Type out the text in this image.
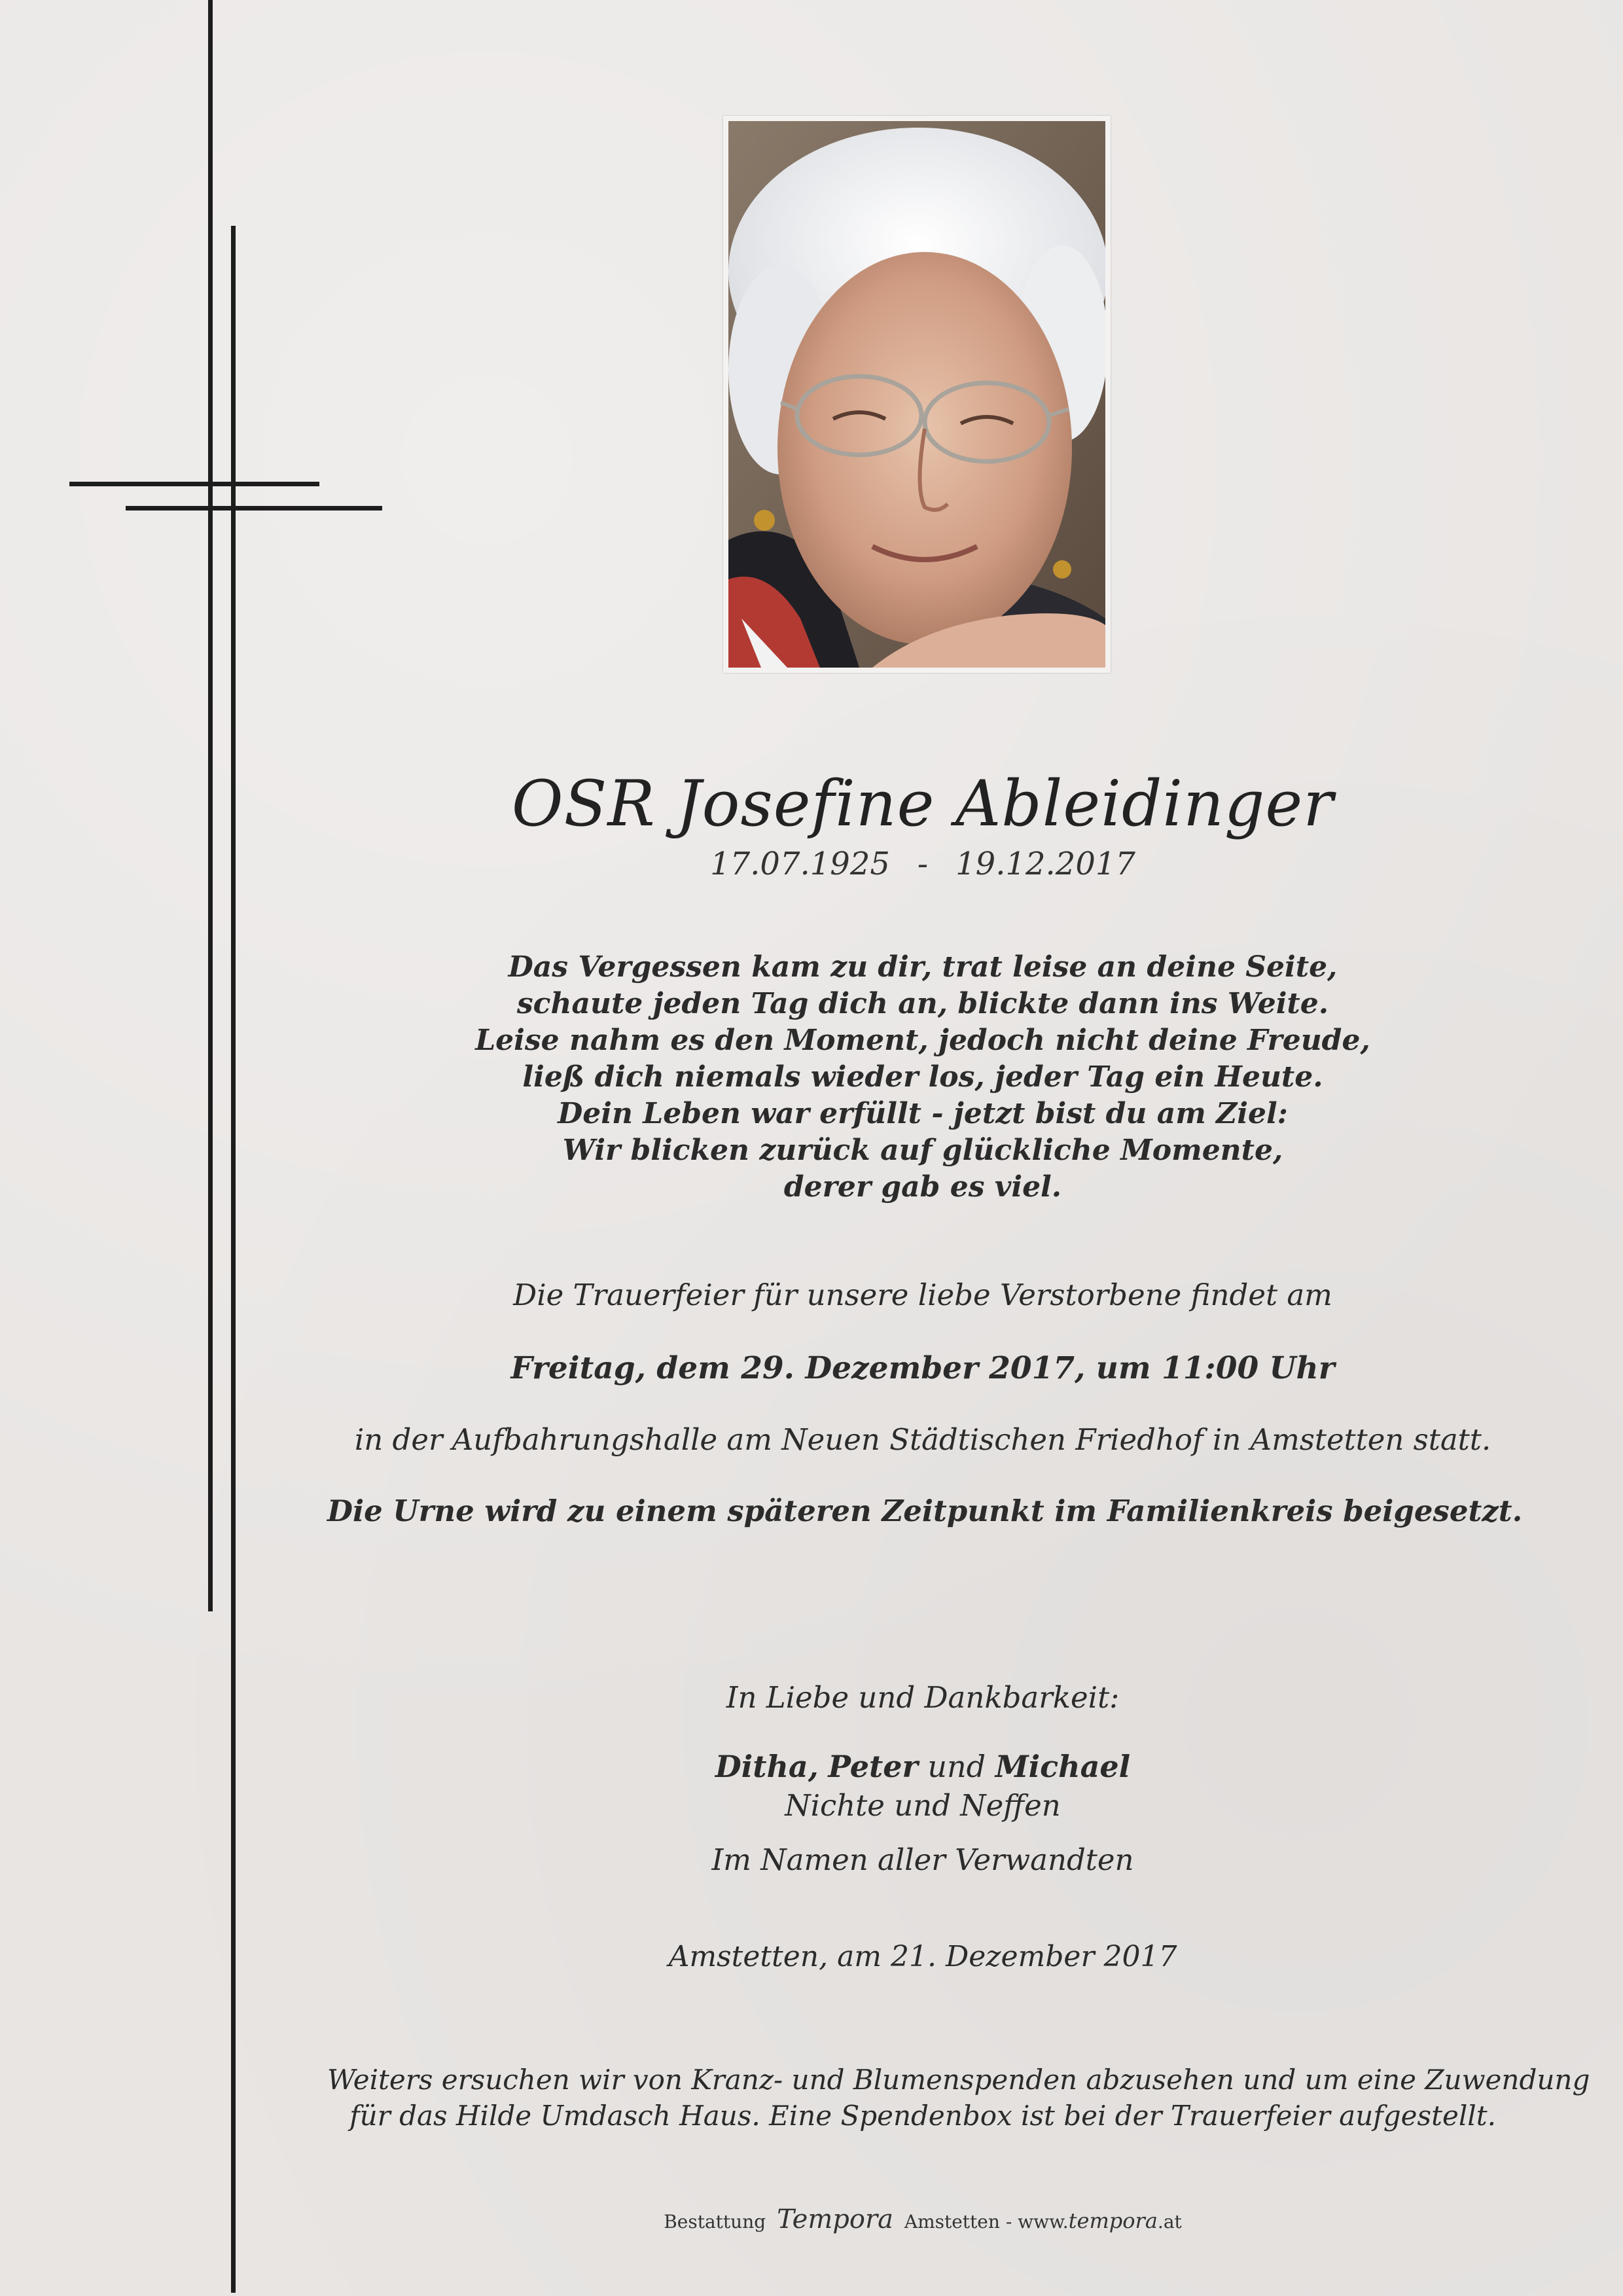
OSR Josefine Ableidinger
17.07.1925 - 19.12.2017
Das Vergessen kam zu dir, trat leise an deine Seite,
schaute jeden Tag dich an, blickte dann ins Weite.
Leise nahm es den Moment, jedoch nicht deine Freude,
ließ dich niemals wieder los, jeder Tag ein Heute.
Dein Leben war erfüllt - jetzt bist du am Ziel:
Wir blicken zurück auf glückliche Momente,
derer gab es viel.
Die Trauerfeier für unsere liebe Verstorbene findet am
Freitag, dem 29. Dezember 2017, um 11:00 Uhr
in der Aufbahrungshalle am Neuen Städtischen Friedhof in Amstetten statt.
Die Urne wird zu einem späteren Zeitpunkt im Familienkreis beigesetzt.
In Liebe und Dankbarkeit:
Ditha, Peter und Michael
Nichte und Neffen
Im Namen aller Verwandten
Amstetten, am 21. Dezember 2017
Weiters ersuchen wir von Kranz- und Blumenspenden abzusehen und um eine Zuwendung
für das Hilde Umdasch Haus. Eine Spendenbox ist bei der Trauerfeier aufgestellt.
Bestattung Tempora Amstetten - www.tempora.at
